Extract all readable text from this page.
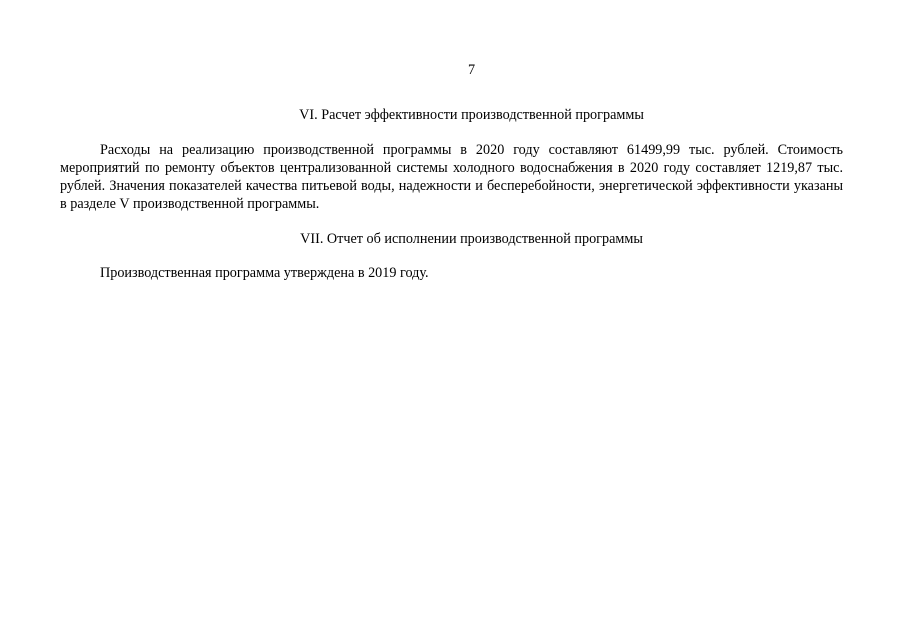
7
VI. Расчет эффективности производственной программы

Расходы на реализацию производственной программы в 2020 году составляют 61499,99 тыс. рублей. Стоимость мероприятий по ремонту объектов централизованной системы холодного водоснабжения в 2020 году составляет 1219,87 тыс. рублей. Значения показателей качества питьевой воды, надежности и бесперебойности, энергетической эффективности указаны в разделе V производственной программы.

VII. Отчет об исполнении производственной программы

Производственная программа утверждена в 2019 году.
